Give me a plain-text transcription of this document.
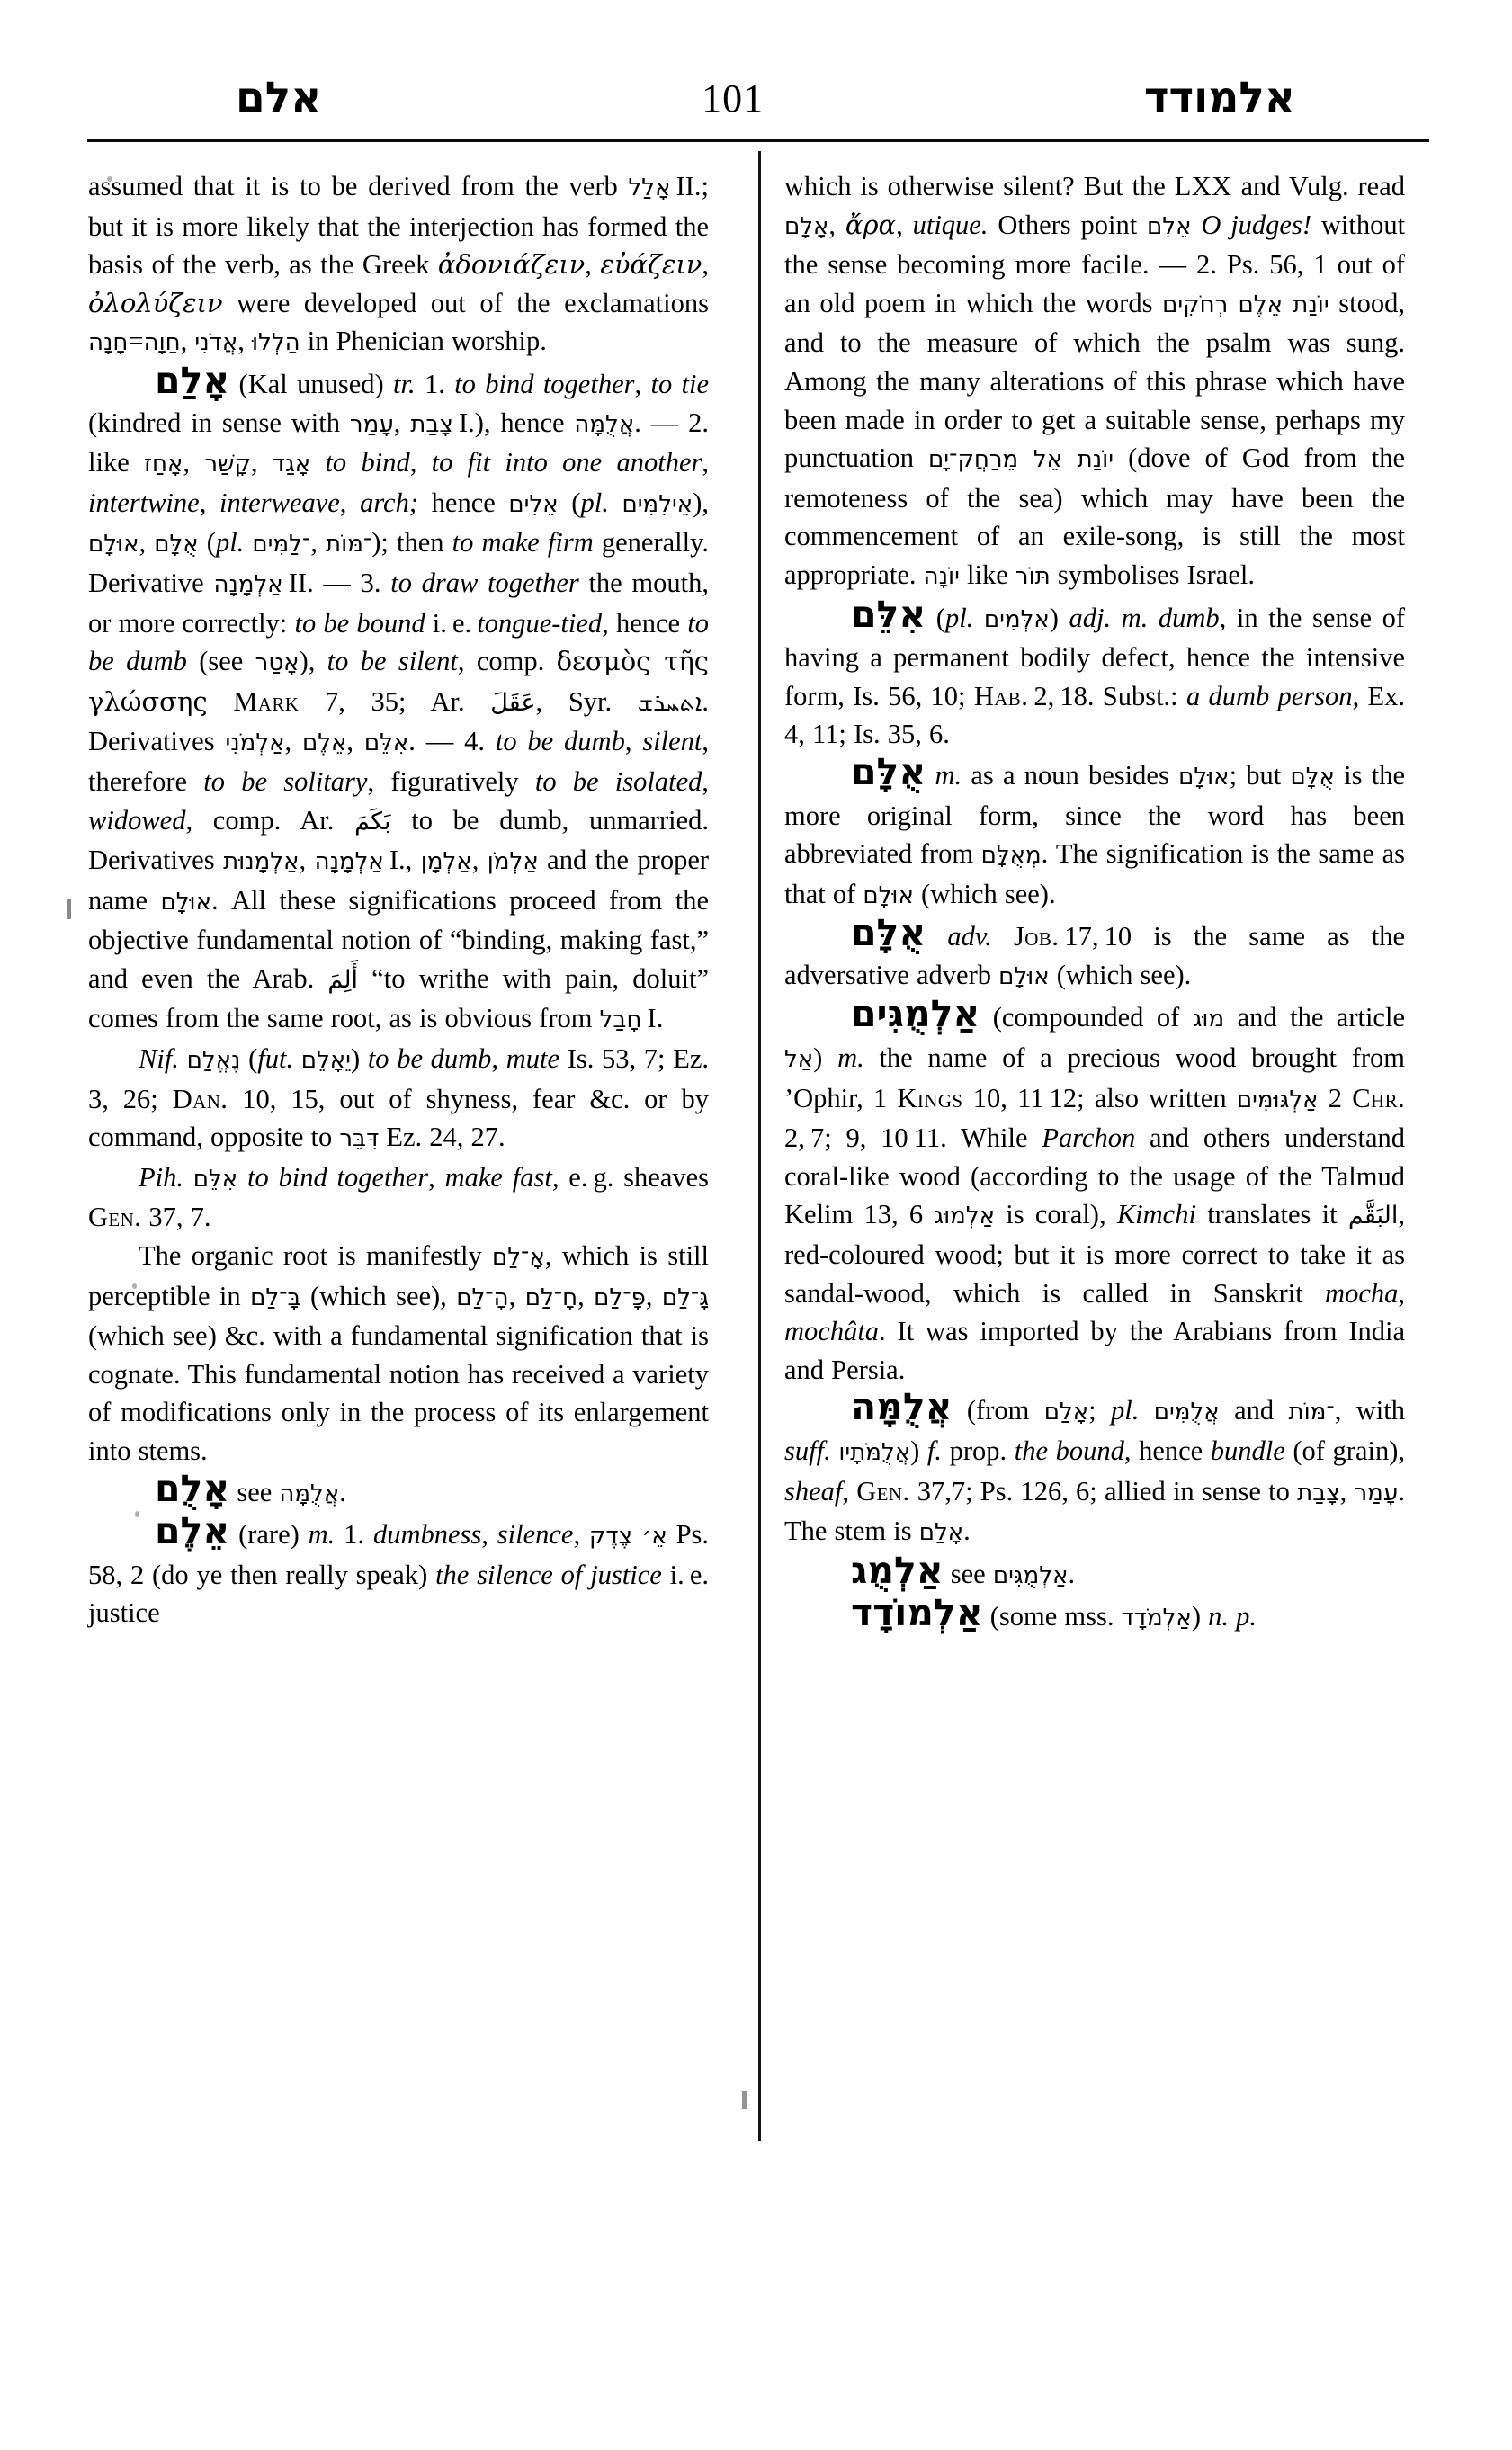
אלם	101	אלמודד

assumed that it is to be derived from the verb אָלַל II.; but it is more likely that the interjection has formed the basis of the verb, as the Greek ἀδονιάζειν, εὐάζειν, ὀλολύζειν were developed out of the exclamations חָנָה=חַוָה, אֲדֹנִי, הַלְלוּ in Phenician worship.

אָלַם (Kal unused) tr. 1. to bind together, to tie (kindred in sense with עָמַר, צָבַת I.), hence אֲלֻמָּה. — 2. like אָחַז, קָשַׁר, אָגַד to bind, to fit into one another, intertwine, interweave, arch; hence אֵלִים (pl. אֵילִמִּים), אוּלָם, אֻלָּם (pl. ־לַמִּים, ־מּוֹת); then to make firm generally. Derivative אַלְמָנָה II. — 3. to draw together the mouth, or more correctly: to be bound i. e. tongue-tied, hence to be dumb (see אָטַר), to be silent, comp. δεσμὸς τῆς γλώσσης Mark 7, 35; Ar. عَقَلَ, Syr. ܐܬܚܪܫ. Derivatives אַלְמֹנִי, אֵלֶם, אִלֵּם. — 4. to be dumb, silent, therefore to be solitary, figuratively to be isolated, widowed, comp. Ar. بَكَمَ to be dumb, unmarried. Derivatives אַלְמָנוּת, אַלְמָנָה I., אַלְמָן, אַלְמֹן and the proper name אוּלָם. All these significations proceed from the objective fundamental notion of “binding, making fast,” and even the Arab. أَلِمَ “to writhe with pain, doluit” comes from the same root, as is obvious from חָבַל I.

Nif. נֶאֱלַם (fut. יֵאָלֵם) to be dumb, mute Is. 53, 7; Ez. 3, 26; Dan. 10, 15, out of shyness, fear &c. or by command, opposite to דִּבֵּר Ez. 24, 27.

Pih. אִלֵּם to bind together, make fast, e. g. sheaves Gen. 37, 7.

The organic root is manifestly אָ־לַם, which is still perceptible in בָּ־לַם (which see), הָ־לַם, חָ־לַם, פָּ־לַם, גָּ־לַם (which see) &c. with a fundamental signification that is cognate. This fundamental notion has received a variety of modifications only in the process of its enlargement into stems.

אָלֻם see אֲלֻמָּה.

אֵלֶם (rare) m. 1. dumbness, silence, אֵ׳ צֶדֶק Ps. 58, 2 (do ye then really speak) the silence of justice i. e. justice

which is otherwise silent? But the LXX and Vulg. read אָלָם, ἄρα, utique. Others point אֵלִם O judges! without the sense becoming more facile. — 2. Ps. 56, 1 out of an old poem in which the words יוֹנַת אֵלֶם רְחֹקִים stood, and to the measure of which the psalm was sung. Among the many alterations of this phrase which have been made in order to get a suitable sense, perhaps my punctuation יוֹנַת אֵל מֵרַחֲק־יָם (dove of God from the remoteness of the sea) which may have been the commencement of an exile-song, is still the most appropriate. יוֹנָה like תּוֹר symbolises Israel.

אִלֵּם (pl. אִלְּמִים) adj. m. dumb, in the sense of having a permanent bodily defect, hence the intensive form, Is. 56, 10; Hab. 2, 18. Subst.: a dumb person, Ex. 4, 11; Is. 35, 6.

אֻלָּם m. as a noun besides אוּלָם; but אֻלָּם is the more original form, since the word has been abbreviated from מְאֻלָּם. The signification is the same as that of אוּלָם (which see).

אֻלָּם adv. Job. 17, 10 is the same as the adversative adverb אוּלָם (which see).

אַלְמֻגִּים (compounded of מוּג and the article אַל) m. the name of a precious wood brought from ’Ophir, 1 Kings 10, 11 12; also written אַלְגּוּמִּים 2 Chr. 2, 7; 9, 10 11. While Parchon and others understand coral-like wood (according to the usage of the Talmud Kelim 13, 6 אַלְמוּג is coral), Kimchi translates it البَقَّم, red-coloured wood; but it is more correct to take it as sandal-wood, which is called in Sanskrit mocha, mochâta. It was imported by the Arabians from India and Persia.

אֲלֻמָּה (from אָלַם; pl. אֲלֻמִּים and ־מּוֹת, with suff. אֲלֻמֹּתָיו) f. prop. the bound, hence bundle (of grain), sheaf, Gen. 37,7; Ps. 126, 6; allied in sense to צָבַת, עָמַר. The stem is אָלַם.

אַלְמֻג see אַלְמֻגִּים.

אַלְמוֹדָד (some mss. אַלְמֹדָד) n. p.
